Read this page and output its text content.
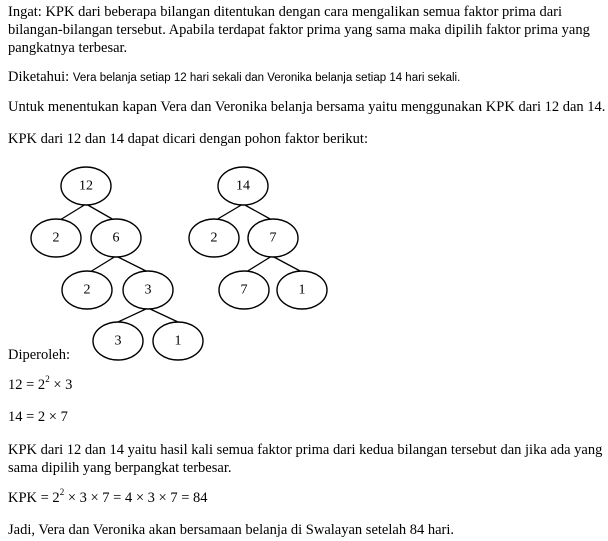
Ingat: KPK dari beberapa bilangan ditentukan dengan cara mengalikan semua faktor prima dari
bilangan-bilangan tersebut. Apabila terdapat faktor prima yang sama maka dipilih faktor prima yang
pangkatnya terbesar.
Diketahui: Vera belanja setiap 12 hari sekali dan Veronika belanja setiap 14 hari sekali.
Untuk menentukan kapan Vera dan Veronika belanja bersama yaitu menggunakan KPK dari 12 dan 14.
KPK dari 12 dan 14 dapat dicari dengan pohon faktor berikut:
12
2	6
2	3
3	1
14
2	7
7	1
Diperoleh:
$12 = 2^2 \times 3$
14 = 2 × 7
KPK dari 12 dan 14 yaitu hasil kali semua faktor prima dari kedua bilangan tersebut dan jika ada yang
sama dipilih yang berpangkat terbesar.
KPK = $2^2 \times 3 \times 7 = 4 \times 3 \times 7 = 84$
Jadi, Vera dan Veronika akan bersamaan belanja di Swalayan setelah 84 hari.
